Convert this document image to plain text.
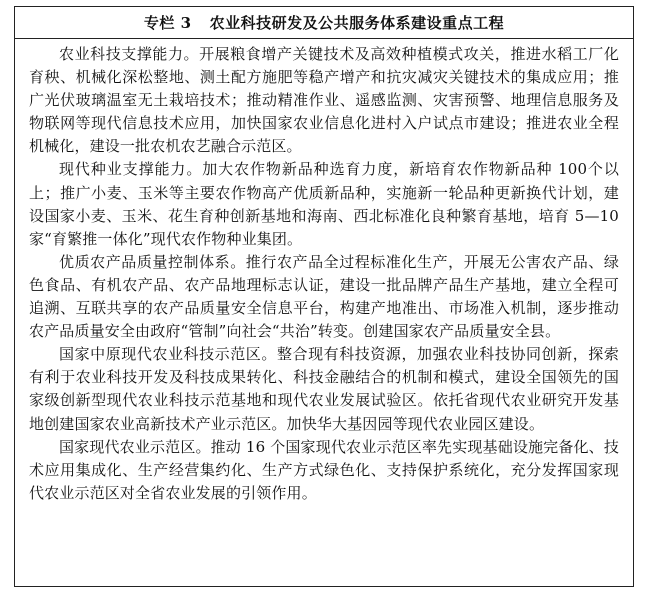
专栏 3 农业科技研发及公共服务体系建设重点工程

农业科技支撑能力。开展粮食增产关键技术及高效种植模式攻关，推进水稻工厂化育秧、机械化深松整地、测土配方施肥等稳产增产和抗灾减灾关键技术的集成应用；推广光伏玻璃温室无土栽培技术；推动精准作业、遥感监测、灾害预警、地理信息服务及物联网等现代信息技术应用，加快国家农业信息化进村入户试点市建设；推进农业全程机械化，建设一批农机农艺融合示范区。

现代种业支撑能力。加大农作物新品种选育力度，新培育农作物新品种 100个以上；推广小麦、玉米等主要农作物高产优质新品种，实施新一轮品种更新换代计划，建设国家小麦、玉米、花生育种创新基地和海南、西北标准化良种繁育基地，培育 5—10 家“育繁推一体化”现代农作物种业集团。

优质农产品质量控制体系。推行农产品全过程标准化生产，开展无公害农产品、绿色食品、有机农产品、农产品地理标志认证，建设一批品牌产品生产基地，建立全程可追溯、互联共享的农产品质量安全信息平台，构建产地准出、市场准入机制，逐步推动农产品质量安全由政府“管制”向社会“共治”转变。创建国家农产品质量安全县。

国家中原现代农业科技示范区。整合现有科技资源，加强农业科技协同创新，探索有利于农业科技开发及科技成果转化、科技金融结合的机制和模式，建设全国领先的国家级创新型现代农业科技示范基地和现代农业发展试验区。依托省现代农业研究开发基地创建国家农业高新技术产业示范区。加快华大基因园等现代农业园区建设。

国家现代农业示范区。推动 16 个国家现代农业示范区率先实现基础设施完备化、技术应用集成化、生产经营集约化、生产方式绿色化、支持保护系统化，充分发挥国家现代农业示范区对全省农业发展的引领作用。
